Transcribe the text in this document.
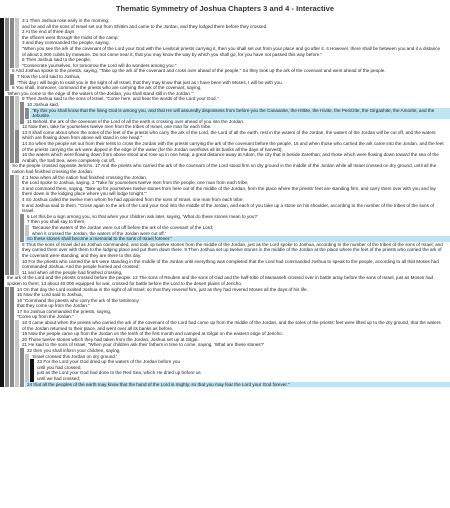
Thematic Symmetry of Joshua Chapters 3 and 4 - Interactive
3:1 Then Joshua rose early in the morning;
and he and all the sons of Israel set out from Shittim and came to the Jordan, and they lodged there before they crossed.
2 At the end of three days
the officers went through the midst of the camp;
3 and they commanded the people, saying,
"When you see the ark of the covenant of the Lord your God with the Levitical priests carrying it, then you shall set out from your place and go after it. 4 However, there shall be between you and it a distance of about 2,000 cubits by measure. Do not come near it, that you may know the way by which you shall go, for you have not passed this way before."
5 Then Joshua said to the people,
"Consecrate yourselves, for tomorrow the Lord will do wonders among you."
6 And Joshua spoke to the priests, saying, "Take up the ark of the covenant and cross over ahead of the people." So they took up the ark of the covenant and went ahead of the people.
7 Now the Lord said to Joshua,
"This day I will begin to exalt you in the sight of all Israel, that they may know that just as I have been with Moses, I will be with you.
8 You shall, moreover, command the priests who are carrying the ark of the covenant, saying,
'When you come to the edge of the waters of the Jordan, you shall stand still in the Jordan.'"
9 Then Joshua said to the sons of Israel, "Come here, and hear the words of the Lord your God."
10 Joshua said,
"By this you shall know that the living God is among you, and that He will assuredly dispossess from before you the Canaanite, the Hittite, the Hivite, the Perizzite, the Girgashite, the Amorite, and the Jebusite.
11 Behold, the ark of the covenant of the Lord of all the earth is crossing over ahead of you into the Jordan.
12 Now then, take for yourselves twelve men from the tribes of Israel, one man for each tribe.
13 It shall come about when the soles of the feet of the priests who carry the ark of the Lord, the Lord of all the earth, rest in the waters of the Jordan, the waters of the Jordan will be cut off, and the waters which are flowing down from above will stand in one heap."
14 So when the people set out from their tents to cross the Jordan with the priests carrying the ark of the covenant before the people, 15 and when those who carried the ark came into the Jordan, and the feet of the priests carrying the ark were dipped in the edge of the water (for the Jordan overflows all its banks all the days of harvest),
16 the waters which were flowing down from above stood and rose up in one heap, a great distance away at Adam, the city that is beside Zarethan; and those which were flowing down toward the sea of the Arabah, the Salt Sea, were completely cut off.
So the people crossed opposite Jericho. 17 And the priests who carried the ark of the covenant of the Lord stood firm on dry ground in the middle of the Jordan while all Israel crossed on dry ground, until all the nation had finished crossing the Jordan.
4:1 Now when all the nation had finished crossing the Jordan,
the Lord spoke to Joshua, saying, 2 "Take for yourselves twelve men from the people, one man from each tribe,
3 and command them, saying, 'Take up for yourselves twelve stones from here out of the middle of the Jordan, from the place where the priests' feet are standing firm, and carry them over with you and lay them down in the lodging place where you will lodge tonight.'"
4 So Joshua called the twelve men whom he had appointed from the sons of Israel, one man from each tribe;
5 and Joshua said to them, "Cross again to the ark of the Lord your God into the middle of the Jordan, and each of you take up a stone on his shoulder, according to the number of the tribes of the sons of Israel.
6 Let this be a sign among you, so that when your children ask later, saying, 'What do these stones mean to you?'
7 then you shall say to them,
'Because the waters of the Jordan were cut off before the ark of the covenant of the Lord;
when it crossed the Jordan, the waters of the Jordan were cut off.'
So these stones shall become a memorial to the sons of Israel forever."
8 Thus the sons of Israel did as Joshua commanded, and took up twelve stones from the middle of the Jordan, just as the Lord spoke to Joshua, according to the number of the tribes of the sons of Israel; and they carried them over with them to the lodging place and put them down there. 9 Then Joshua set up twelve stones in the middle of the Jordan at the place where the feet of the priests who carried the ark of the covenant were standing, and they are there to this day.
10 For the priests who carried the ark were standing in the middle of the Jordan until everything was completed that the Lord had commanded Joshua to speak to the people, according to all that Moses had commanded Joshua. And the people hurried and crossed;
11 and when all the people had finished crossing,
the ark of the Lord and the priests crossed before the people. 12 The sons of Reuben and the sons of Gad and the half-tribe of Manasseh crossed over in battle array before the sons of Israel, just as Moses had spoken to them; 13 about 40,000 equipped for war, crossed for battle before the Lord to the desert plains of Jericho.
14 On that day the Lord exalted Joshua in the sight of all Israel; so that they revered him, just as they had revered Moses all the days of his life.
15 Now the Lord said to Joshua,
16 "Command the priests who carry the ark of the testimony
that they come up from the Jordan."
17 So Joshua commanded the priests, saying,
"Come up from the Jordan."
18 It came about when the priests who carried the ark of the covenant of the Lord had come up from the middle of the Jordan, and the soles of the priests' feet were lifted up to the dry ground, that the waters of the Jordan returned to their place, and went over all its banks as before.
19 Now the people came up from the Jordan on the tenth of the first month and camped at Gilgal on the eastern edge of Jericho.
20 Those twelve stones which they had taken from the Jordan, Joshua set up at Gilgal.
21 He said to the sons of Israel, "When your children ask their fathers in time to come, saying, 'What are these stones?'
22 then you shall inform your children, saying,
'Israel crossed this Jordan on dry ground.'
23 For the Lord your God dried up the waters of the Jordan before you
until you had crossed,
just as the Lord your God had done to the Red Sea, which He dried up before us
until we had crossed;
24 that all the peoples of the earth may know that the hand of the Lord is mighty, so that you may fear the Lord your God forever."
